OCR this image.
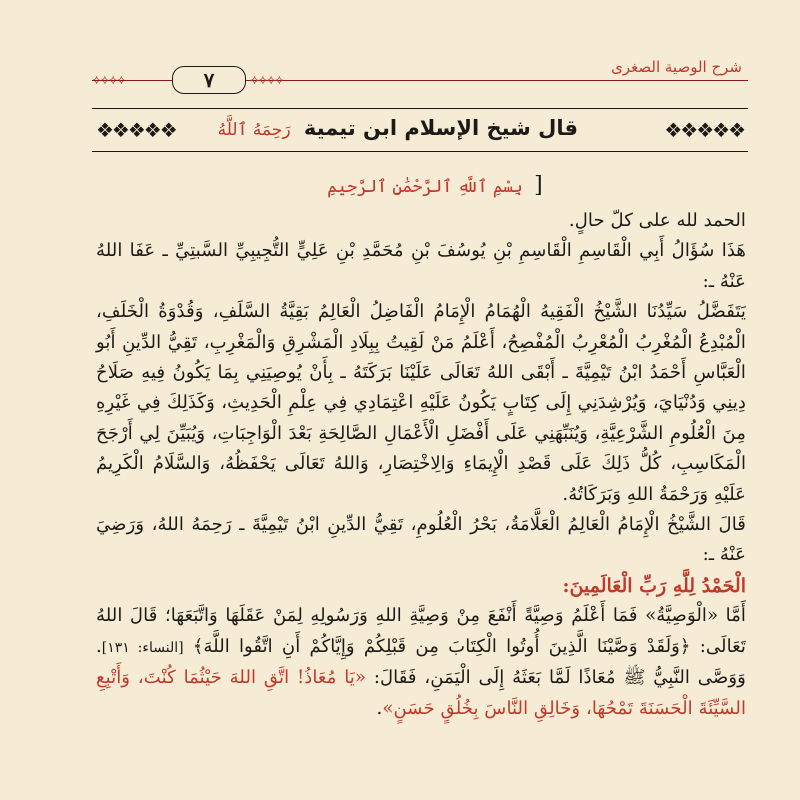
⟡⟡⟡⟡	٧	⟡⟡⟡⟡
شرح الوصية الصغرى
❖❖❖❖❖	قال شيخ الإسلام ابن تيمية رَحِمَهُ ٱللَّهُ	❖❖❖❖❖
[ بِسْمِ ٱللَّهِ ٱلرَّحْمَٰنِ ٱلرَّحِيمِ

الحمد لله على كلّ حالٍ.

هَذَا سُؤَالُ أَبِي الْقَاسِمِ الْقَاسِمِ بْنِ يُوسُفَ بْنِ مُحَمَّدِ بْنِ عَلِيٍّ التُّجِيبِيِّ السَّبتِيِّ ـ عَفَا اللهُ عَنْهُ ـ:

يَتَفَضَّلُ سَيِّدُنَا الشَّيْخُ الْفَقِيهُ الْهُمَامُ الْإِمَامُ الْفَاضِلُ الْعَالِمُ بَقِيَّةُ السَّلَفِ، وَقُدْوَةُ الْخَلَفِ، الْمُبْدِعُ الْمُغْرِبُ الْمُعْرِبُ الْمُفْصِحُ، أَعْلَمُ مَنْ لَقِيتُ بِبِلَادِ الْمَشْرِقِ وَالْمَغْرِبِ، تَقِيُّ الدِّينِ أَبُو الْعَبَّاسِ أَحْمَدُ ابْنُ تَيْمِيَّةَ ـ أَبْقَى اللهُ تَعَالَى عَلَيْنَا بَرَكَتَهُ ـ بِأَنْ يُوصِيَنِي بِمَا يَكُونُ فِيهِ صَلَاحُ دِينِي وَدُنْيَايَ، وَيُرْشِدَنِي إِلَى كِتَابٍ يَكُونُ عَلَيْهِ اعْتِمَادِي فِي عِلْمِ الْحَدِيثِ، وَكَذَلِكَ فِي غَيْرِهِ مِنَ الْعُلُومِ الشَّرْعِيَّةِ، وَيُنَبِّهَنِي عَلَى أَفْضَلِ الْأَعْمَالِ الصَّالِحَةِ بَعْدَ الْوَاجِبَاتِ، وَيُبَيِّنَ لِي أَرْجَحَ الْمَكَاسِبِ، كُلُّ ذَلِكَ عَلَى قَصْدِ الْإِيمَاءِ وَالِاخْتِصَارِ، وَاللهُ تَعَالَى يَحْفَظُهُ، وَالسَّلَامُ الْكَرِيمُ عَلَيْهِ وَرَحْمَةُ اللهِ وَبَرَكَاتُهُ.

قَالَ الشَّيْخُ الْإِمَامُ الْعَالِمُ الْعَلَّامَةُ، بَحْرُ الْعُلُومِ، تَقِيُّ الدِّينِ ابْنُ تَيْمِيَّةَ ـ رَحِمَهُ اللهُ، وَرَضِيَ عَنْهُ ـ:

الْحَمْدُ لِلَّهِ رَبِّ الْعَالَمِينَ:

أَمَّا «الْوَصِيَّةُ» فَمَا أَعْلَمُ وَصِيَّةً أَنْفَعَ مِنْ وَصِيَّةِ اللهِ وَرَسُولِهِ لِمَنْ عَقَلَهَا وَاتَّبَعَهَا؛ قَالَ اللهُ تَعَالَى: ﴿وَلَقَدْ وَصَّيْنَا الَّذِينَ أُوتُوا الْكِتَابَ مِن قَبْلِكُمْ وَإِيَّاكُمْ أَنِ اتَّقُوا اللَّهَ﴾ [النساء: ١٣١]. وَوَصَّى النَّبِيُّ ﷺ مُعَاذًا لَمَّا بَعَثَهُ إِلَى الْيَمَنِ، فَقَالَ: «يَا مُعَاذُ! اتَّقِ اللهَ حَيْثُمَا كُنْتَ، وَأَتْبِعِ السَّيِّئَةَ الْحَسَنَةَ تَمْحُهَا، وَخَالِقِ النَّاسَ بِخُلُقٍ حَسَنٍ».
